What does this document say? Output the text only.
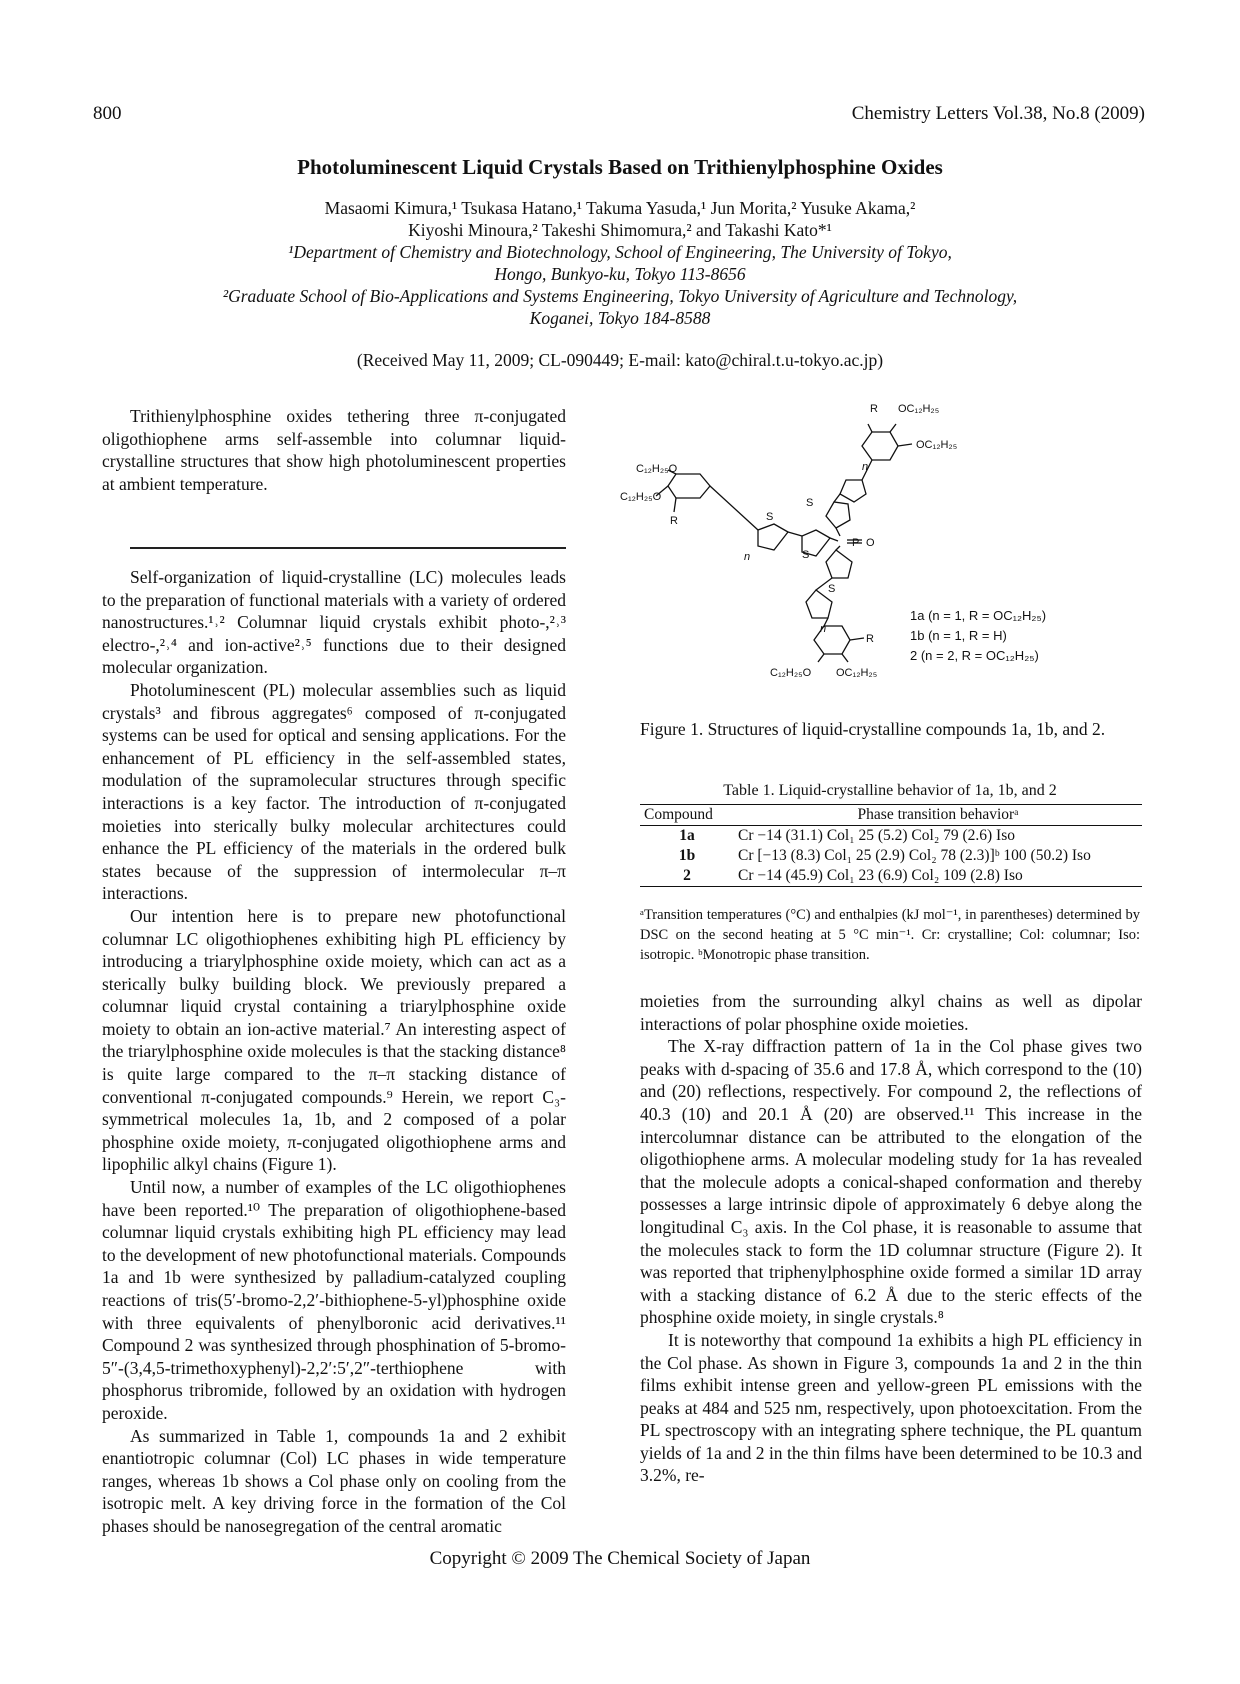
800	Chemistry Letters Vol.38, No.8 (2009)
Photoluminescent Liquid Crystals Based on Trithienylphosphine Oxides
Masaomi Kimura,¹ Tsukasa Hatano,¹ Takuma Yasuda,¹ Jun Morita,² Yusuke Akama,²
Kiyoshi Minoura,² Takeshi Shimomura,² and Takashi Kato*¹
¹Department of Chemistry and Biotechnology, School of Engineering, The University of Tokyo,
Hongo, Bunkyo-ku, Tokyo 113-8656
²Graduate School of Bio-Applications and Systems Engineering, Tokyo University of Agriculture and Technology,
Koganei, Tokyo 184-8588
(Received May 11, 2009; CL-090449; E-mail: kato@chiral.t.u-tokyo.ac.jp)

Trithienylphosphine oxides tethering three π-conjugated oligothiophene arms self-assemble into columnar liquid-crystalline structures that show high photoluminescent properties at ambient temperature.

Self-organization of liquid-crystalline (LC) molecules leads to the preparation of functional materials with a variety of ordered nanostructures.¹˒² Columnar liquid crystals exhibit photo-,²˒³ electro-,²˒⁴ and ion-active²˒⁵ functions due to their designed molecular organization.

Photoluminescent (PL) molecular assemblies such as liquid crystals³ and fibrous aggregates⁶ composed of π-conjugated systems can be used for optical and sensing applications. For the enhancement of PL efficiency in the self-assembled states, modulation of the supramolecular structures through specific interactions is a key factor. The introduction of π-conjugated moieties into sterically bulky molecular architectures could enhance the PL efficiency of the materials in the ordered bulk states because of the suppression of intermolecular π–π interactions.

Our intention here is to prepare new photofunctional columnar LC oligothiophenes exhibiting high PL efficiency by introducing a triarylphosphine oxide moiety, which can act as a sterically bulky building block. We previously prepared a columnar liquid crystal containing a triarylphosphine oxide moiety to obtain an ion-active material.⁷ An interesting aspect of the triarylphosphine oxide molecules is that the stacking distance⁸ is quite large compared to the π–π stacking distance of conventional π-conjugated compounds.⁹ Herein, we report C₃-symmetrical molecules 1a, 1b, and 2 composed of a polar phosphine oxide moiety, π-conjugated oligothiophene arms and lipophilic alkyl chains (Figure 1).

Until now, a number of examples of the LC oligothiophenes have been reported.¹⁰ The preparation of oligothiophene-based columnar liquid crystals exhibiting high PL efficiency may lead to the development of new photofunctional materials. Compounds 1a and 1b were synthesized by palladium-catalyzed coupling reactions of tris(5′-bromo-2,2′-bithiophene-5-yl)phosphine oxide with three equivalents of phenylboronic acid derivatives.¹¹ Compound 2 was synthesized through phosphination of 5-bromo-5″-(3,4,5-trimethoxyphenyl)-2,2′:5′,2″-terthiophene with phosphorus tribromide, followed by an oxidation with hydrogen peroxide.

As summarized in Table 1, compounds 1a and 2 exhibit enantiotropic columnar (Col) LC phases in wide temperature ranges, whereas 1b shows a Col phase only on cooling from the isotropic melt. A key driving force in the formation of the Col phases should be nanosegregation of the central aromatic

R OC₁₂H₂₅
OC₁₂H₂₅
C₁₂H₂₅O
C₁₂H₂₅O
R
P O
S
S
S
S
n
n
n
R
C₁₂H₂₅O OC₁₂H₂₅
1a (n = 1, R = OC₁₂H₂₅)
1b (n = 1, R = H)
2 (n = 2, R = OC₁₂H₂₅)
Figure 1. Structures of liquid-crystalline compounds 1a, 1b, and 2.
Table 1. Liquid-crystalline behavior of 1a, 1b, and 2
Compound	Phase transition behaviorᵃ
1a	Cr −14 (31.1) Col₁ 25 (5.2) Col₂ 79 (2.6) Iso
1b	Cr [−13 (8.3) Col₁ 25 (2.9) Col₂ 78 (2.3)]ᵇ 100 (50.2) Iso
2	Cr −14 (45.9) Col₁ 23 (6.9) Col₂ 109 (2.8) Iso
ᵃTransition temperatures (°C) and enthalpies (kJ mol⁻¹, in parentheses) determined by DSC on the second heating at 5 °C min⁻¹. Cr: crystalline; Col: columnar; Iso: isotropic. ᵇMonotropic phase transition.

moieties from the surrounding alkyl chains as well as dipolar interactions of polar phosphine oxide moieties.

The X-ray diffraction pattern of 1a in the Col phase gives two peaks with d-spacing of 35.6 and 17.8 Å, which correspond to the (10) and (20) reflections, respectively. For compound 2, the reflections of 40.3 (10) and 20.1 Å (20) are observed.¹¹ This increase in the intercolumnar distance can be attributed to the elongation of the oligothiophene arms. A molecular modeling study for 1a has revealed that the molecule adopts a conical-shaped conformation and thereby possesses a large intrinsic dipole of approximately 6 debye along the longitudinal C₃ axis. In the Col phase, it is reasonable to assume that the molecules stack to form the 1D columnar structure (Figure 2). It was reported that triphenylphosphine oxide formed a similar 1D array with a stacking distance of 6.2 Å due to the steric effects of the phosphine oxide moiety, in single crystals.⁸

It is noteworthy that compound 1a exhibits a high PL efficiency in the Col phase. As shown in Figure 3, compounds 1a and 2 in the thin films exhibit intense green and yellow-green PL emissions with the peaks at 484 and 525 nm, respectively, upon photoexcitation. From the PL spectroscopy with an integrating sphere technique, the PL quantum yields of 1a and 2 in the thin films have been determined to be 10.3 and 3.2%, re-

Copyright © 2009 The Chemical Society of Japan
